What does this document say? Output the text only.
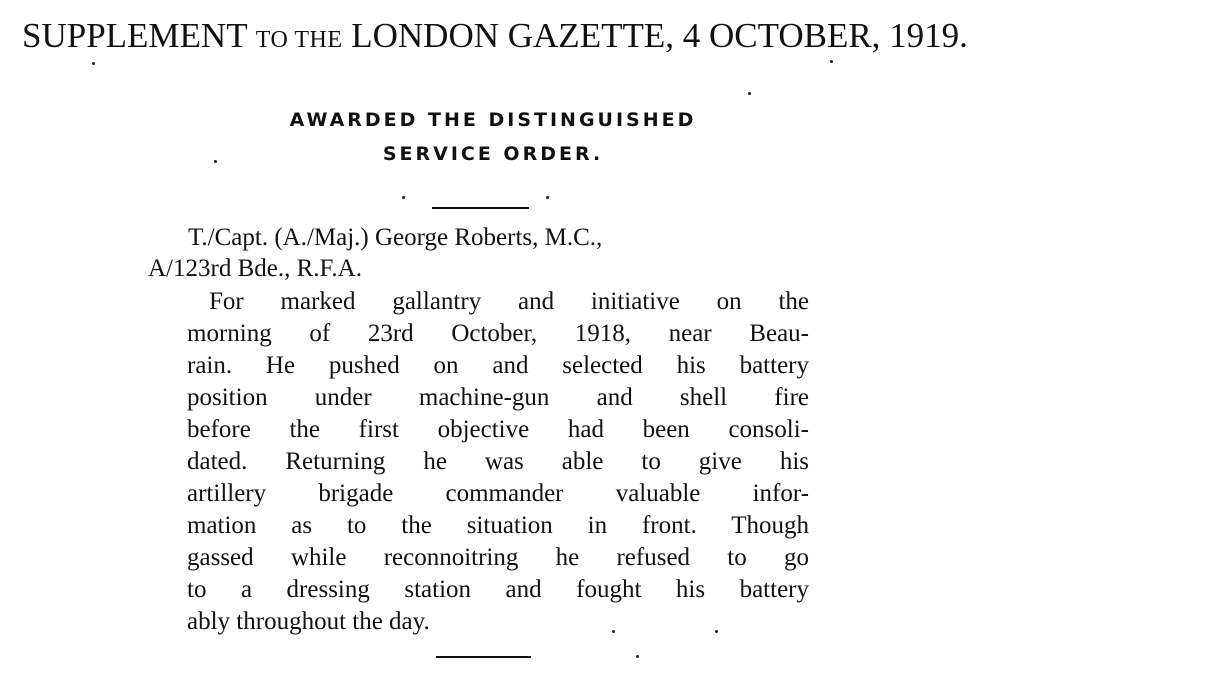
SUPPLEMENT TO THE LONDON GAZETTE, 4 OCTOBER, 1919.
AWARDED THE DISTINGUISHED
SERVICE ORDER.
T./Capt. (A./Maj.) George Roberts, M.C.,
A/123rd Bde., R.F.A.
For marked gallantry and initiative on the
morning of 23rd October, 1918, near Beau-
rain. He pushed on and selected his battery
position under machine-gun and shell fire
before the first objective had been consoli-
dated. Returning he was able to give his
artillery brigade commander valuable infor-
mation as to the situation in front. Though
gassed while reconnoitring he refused to go
to a dressing station and fought his battery
ably throughout the day.
